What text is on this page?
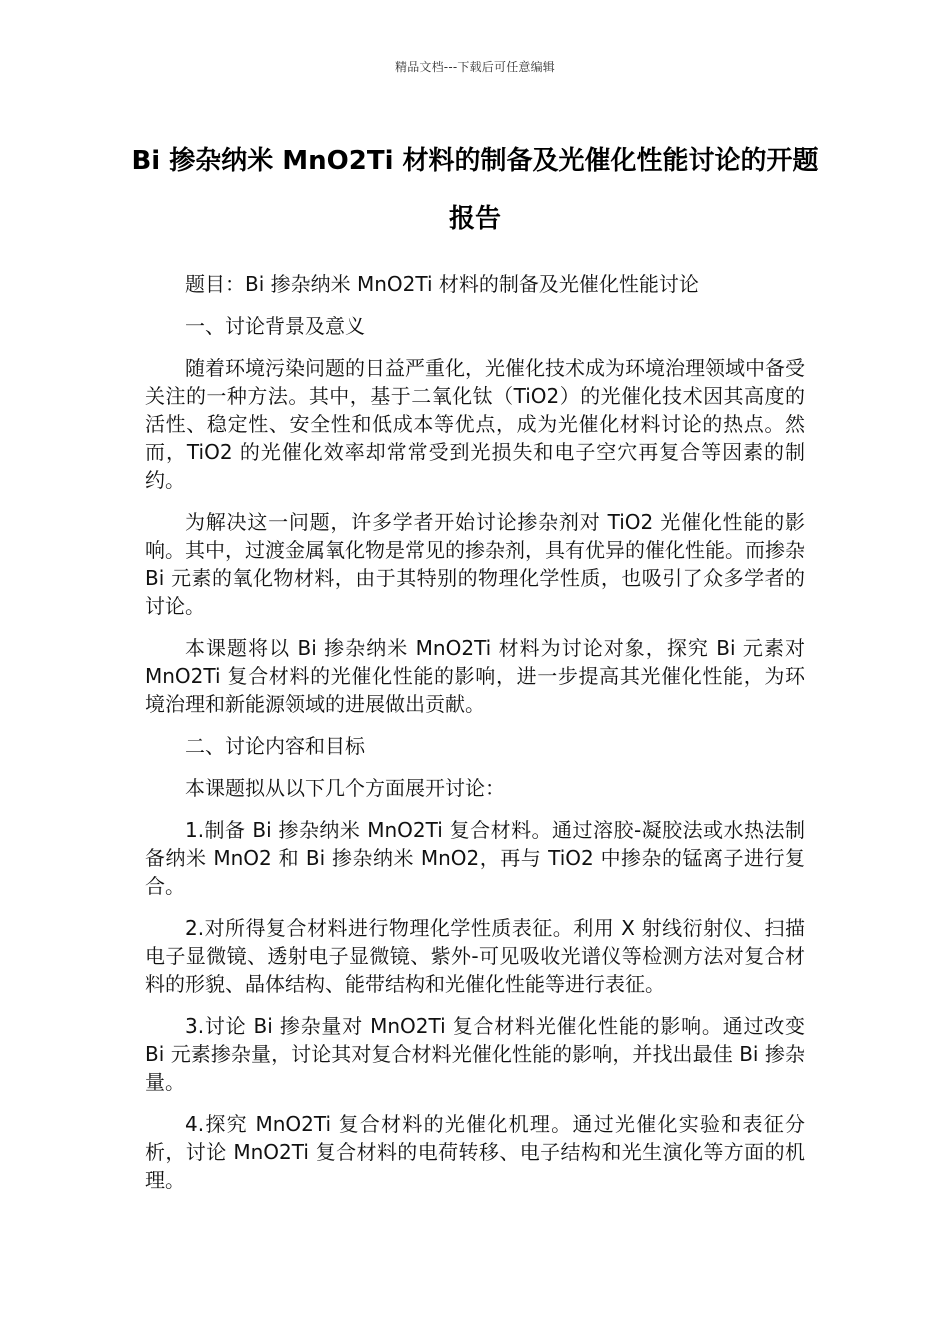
精品文档---下载后可任意编辑
Bi 掺杂纳米 MnO2Ti 材料的制备及光催化性能讨论的开题报告

题目：Bi 掺杂纳米 MnO2Ti 材料的制备及光催化性能讨论

一、讨论背景及意义

随着环境污染问题的日益严重化，光催化技术成为环境治理领域中备受关注的一种方法。其中，基于二氧化钛（TiO2）的光催化技术因其高度的活性、稳定性、安全性和低成本等优点，成为光催化材料讨论的热点。然而，TiO2 的光催化效率却常常受到光损失和电子空穴再复合等因素的制约。

为解决这一问题，许多学者开始讨论掺杂剂对 TiO2 光催化性能的影响。其中，过渡金属氧化物是常见的掺杂剂，具有优异的催化性能。而掺杂 Bi 元素的氧化物材料，由于其特别的物理化学性质，也吸引了众多学者的讨论。

本课题将以 Bi 掺杂纳米 MnO2Ti 材料为讨论对象，探究 Bi 元素对 MnO2Ti 复合材料的光催化性能的影响，进一步提高其光催化性能，为环境治理和新能源领域的进展做出贡献。

二、讨论内容和目标

本课题拟从以下几个方面展开讨论：

1.制备 Bi 掺杂纳米 MnO2Ti 复合材料。通过溶胶-凝胶法或水热法制备纳米 MnO2 和 Bi 掺杂纳米 MnO2，再与 TiO2 中掺杂的锰离子进行复合。

2.对所得复合材料进行物理化学性质表征。利用 X 射线衍射仪、扫描电子显微镜、透射电子显微镜、紫外-可见吸收光谱仪等检测方法对复合材料的形貌、晶体结构、能带结构和光催化性能等进行表征。

3.讨论 Bi 掺杂量对 MnO2Ti 复合材料光催化性能的影响。通过改变 Bi 元素掺杂量，讨论其对复合材料光催化性能的影响，并找出最佳 Bi 掺杂量。

4.探究 MnO2Ti 复合材料的光催化机理。通过光催化实验和表征分析，讨论 MnO2Ti 复合材料的电荷转移、电子结构和光生演化等方面的机理。
